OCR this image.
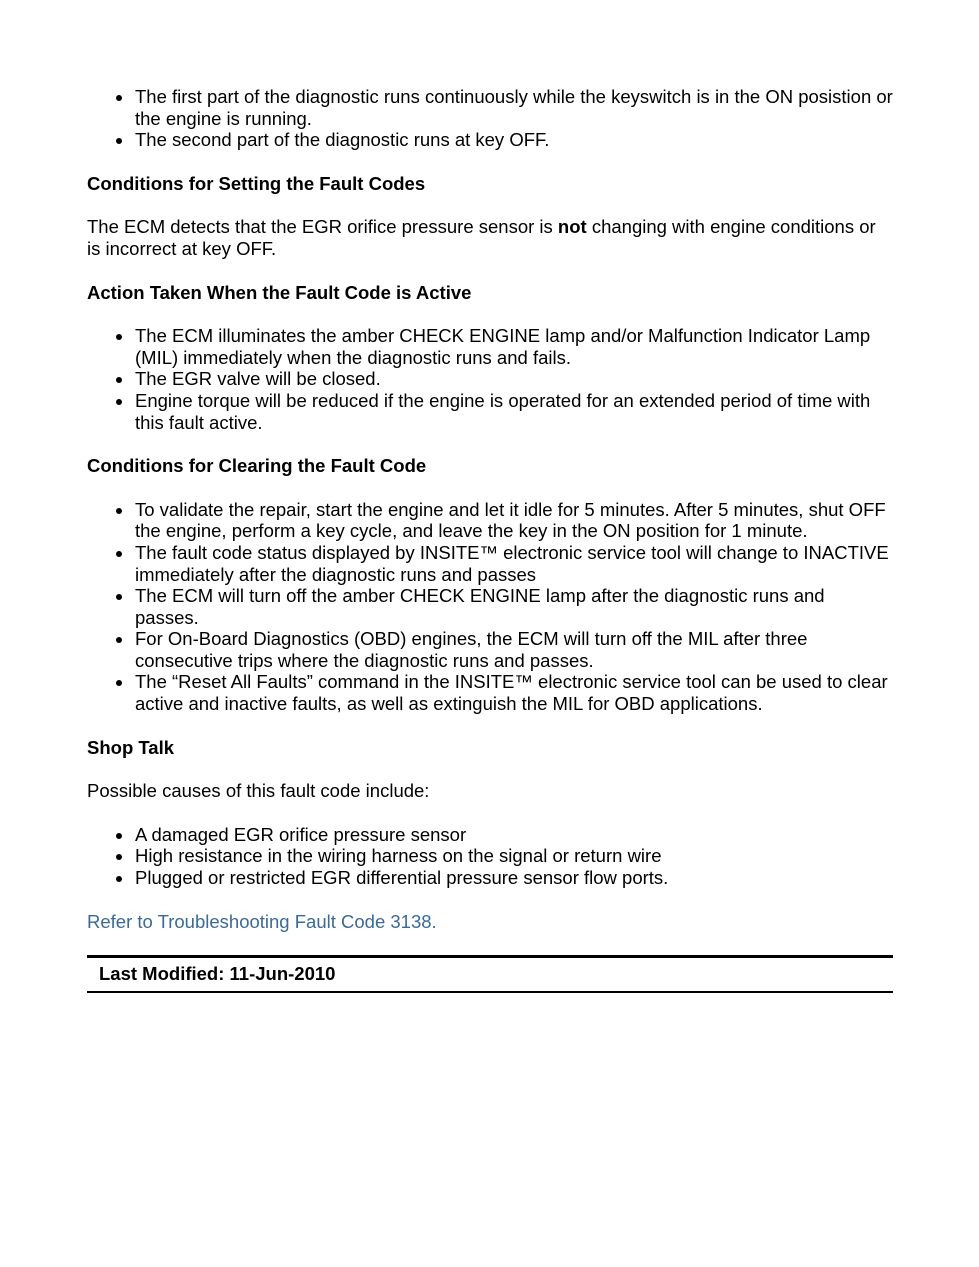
The first part of the diagnostic runs continuously while the keyswitch is in the ON posistion or the engine is running.
The second part of the diagnostic runs at key OFF.
Conditions for Setting the Fault Codes

The ECM detects that the EGR orifice pressure sensor is not changing with engine conditions or is incorrect at key OFF.

Action Taken When the Fault Code is Active
The ECM illuminates the amber CHECK ENGINE lamp and/or Malfunction Indicator Lamp (MIL) immediately when the diagnostic runs and fails.
The EGR valve will be closed.
Engine torque will be reduced if the engine is operated for an extended period of time with this fault active.
Conditions for Clearing the Fault Code
To validate the repair, start the engine and let it idle for 5 minutes. After 5 minutes, shut OFF the engine, perform a key cycle, and leave the key in the ON position for 1 minute.
The fault code status displayed by INSITE™ electronic service tool will change to INACTIVE immediately after the diagnostic runs and passes
The ECM will turn off the amber CHECK ENGINE lamp after the diagnostic runs and passes.
For On-Board Diagnostics (OBD) engines, the ECM will turn off the MIL after three consecutive trips where the diagnostic runs and passes.
The “Reset All Faults” command in the INSITE™ electronic service tool can be used to clear active and inactive faults, as well as extinguish the MIL for OBD applications.
Shop Talk

Possible causes of this fault code include:

A damaged EGR orifice pressure sensor
High resistance in the wiring harness on the signal or return wire
Plugged or restricted EGR differential pressure sensor flow ports.

Refer to Troubleshooting Fault Code 3138.

Last Modified: 11-Jun-2010
